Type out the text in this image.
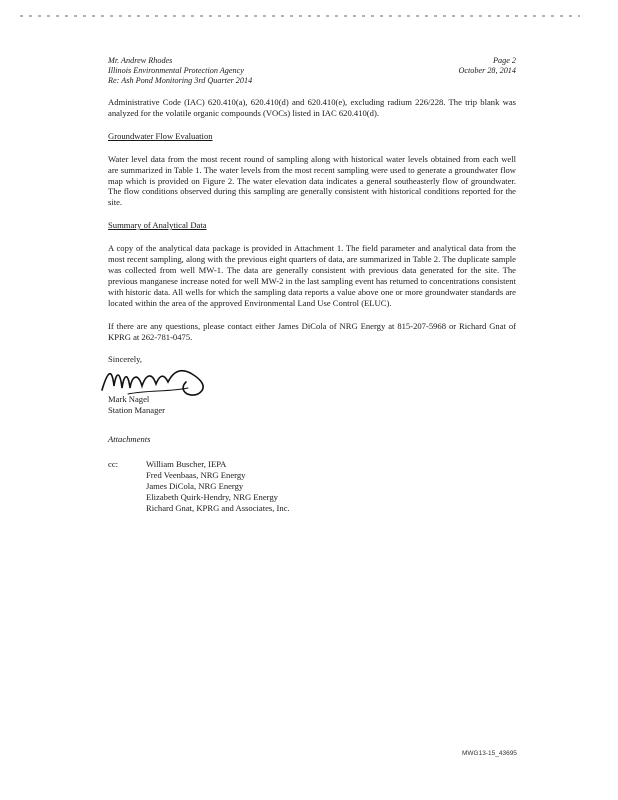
Mr. Andrew Rhodes
Illinois Environmental Protection Agency
Re: Ash Pond Monitoring 3rd Quarter 2014
Page 2
October 28, 2014

Administrative Code (IAC) 620.410(a), 620.410(d) and 620.410(e), excluding radium 226/228. The trip blank was analyzed for the volatile organic compounds (VOCs) listed in IAC 620.410(d).

Groundwater Flow Evaluation

Water level data from the most recent round of sampling along with historical water levels obtained from each well are summarized in Table 1. The water levels from the most recent sampling were used to generate a groundwater flow map which is provided on Figure 2. The water elevation data indicates a general southeasterly flow of groundwater. The flow conditions observed during this sampling are generally consistent with historical conditions reported for the site.

Summary of Analytical Data

A copy of the analytical data package is provided in Attachment 1. The field parameter and analytical data from the most recent sampling, along with the previous eight quarters of data, are summarized in Table 2. The duplicate sample was collected from well MW-1. The data are generally consistent with previous data generated for the site. The previous manganese increase noted for well MW-2 in the last sampling event has returned to concentrations consistent with historic data. All wells for which the sampling data reports a value above one or more groundwater standards are located within the area of the approved Environmental Land Use Control (ELUC).

If there are any questions, please contact either James DiCola of NRG Energy at 815-207-5968 or Richard Gnat of KPRG at 262-781-0475.

Sincerely,
Mark Nagel
Station Manager
Attachments
cc:	William Buscher, IEPA
Fred Veenbaas, NRG Energy
James DiCola, NRG Energy
Elizabeth Quirk-Hendry, NRG Energy
Richard Gnat, KPRG and Associates, Inc.
MWG13-15_43695
